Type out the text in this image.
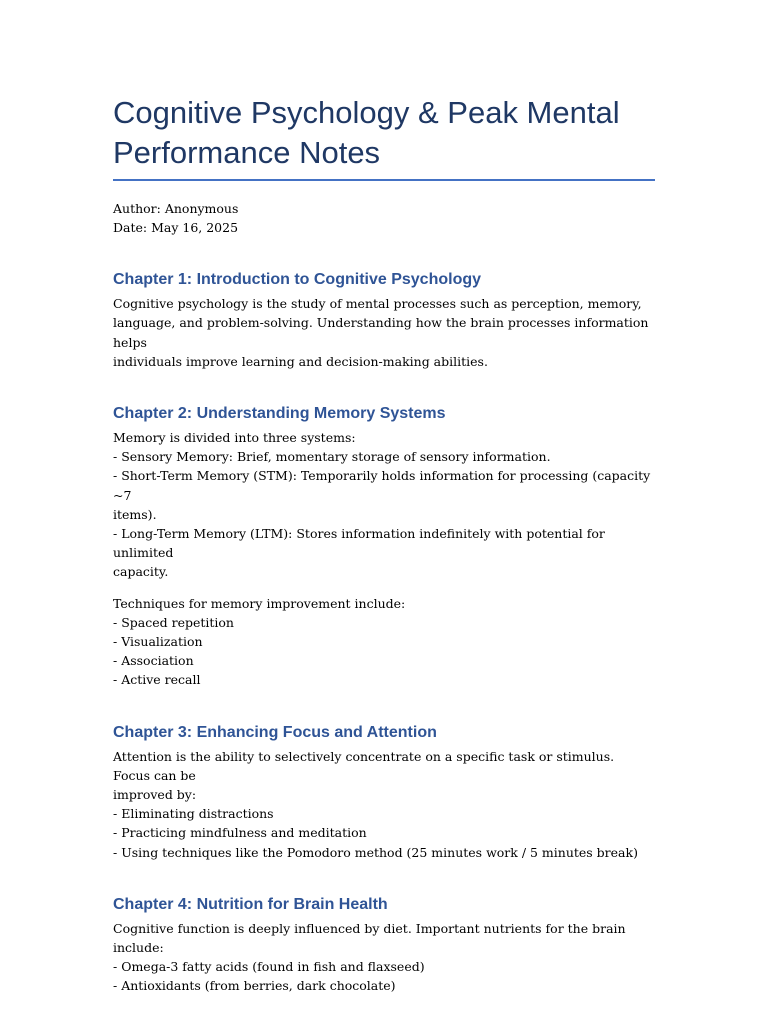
Cognitive Psychology & Peak Mental Performance Notes
Author: Anonymous
Date: May 16, 2025
Chapter 1: Introduction to Cognitive Psychology
Cognitive psychology is the study of mental processes such as perception, memory,
language, and problem-solving. Understanding how the brain processes information helps
individuals improve learning and decision-making abilities.
Chapter 2: Understanding Memory Systems
Memory is divided into three systems:
- Sensory Memory: Brief, momentary storage of sensory information.
- Short-Term Memory (STM): Temporarily holds information for processing (capacity ~7
items).
- Long-Term Memory (LTM): Stores information indefinitely with potential for unlimited
capacity.
Techniques for memory improvement include:
- Spaced repetition
- Visualization
- Association
- Active recall
Chapter 3: Enhancing Focus and Attention
Attention is the ability to selectively concentrate on a specific task or stimulus. Focus can be
improved by:
- Eliminating distractions
- Practicing mindfulness and meditation
- Using techniques like the Pomodoro method (25 minutes work / 5 minutes break)
Chapter 4: Nutrition for Brain Health
Cognitive function is deeply influenced by diet. Important nutrients for the brain include:
- Omega-3 fatty acids (found in fish and flaxseed)
- Antioxidants (from berries, dark chocolate)
